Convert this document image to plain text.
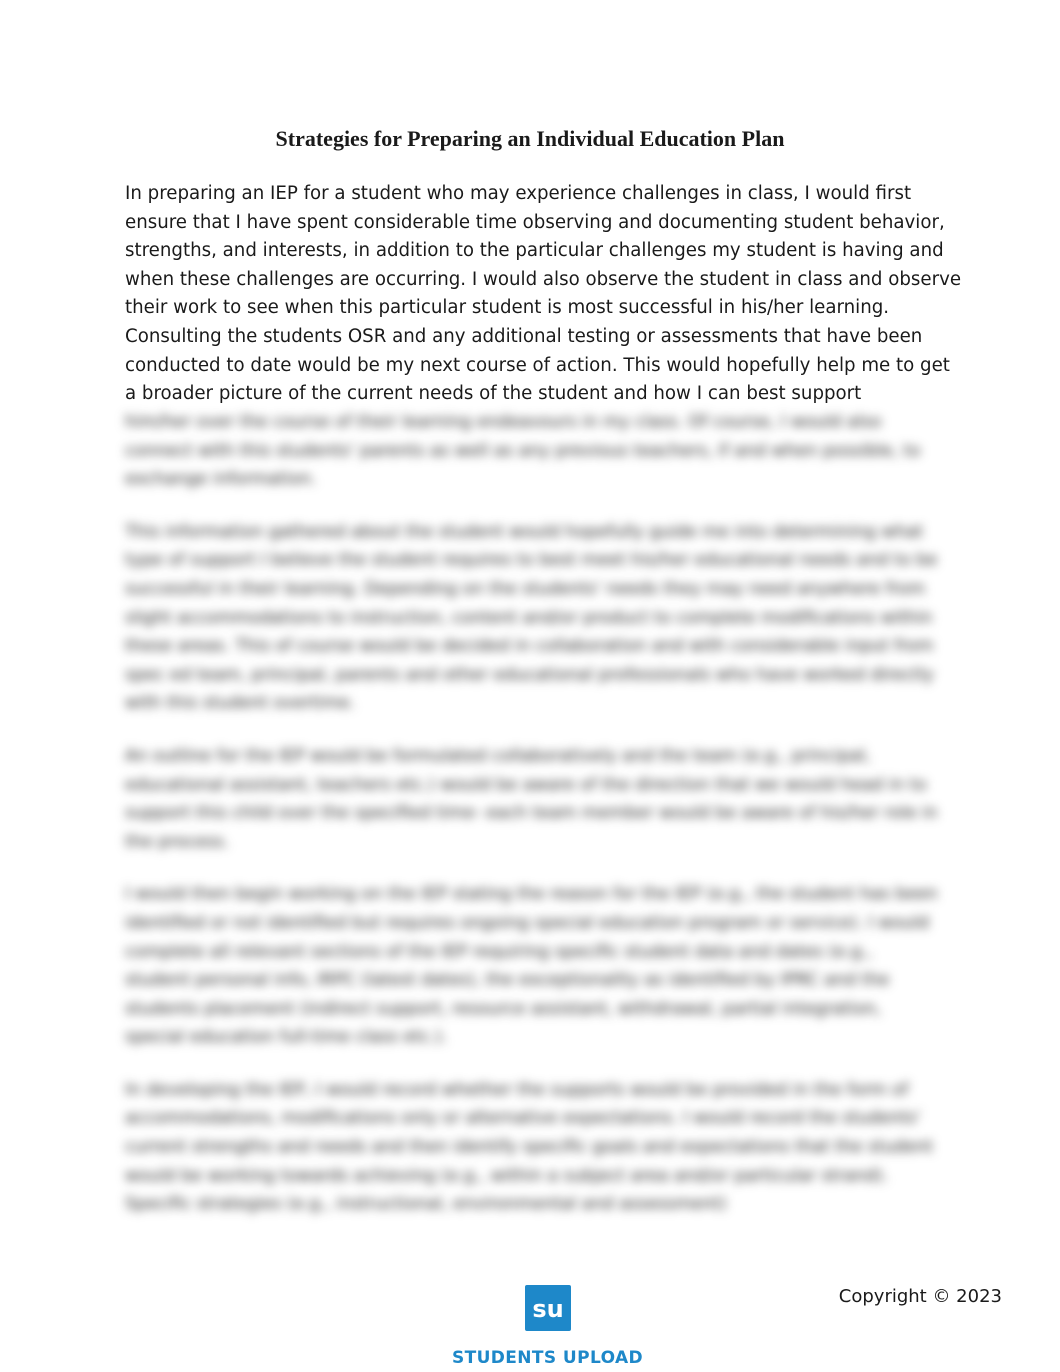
Strategies for Preparing an Individual Education Plan

In preparing an IEP for a student who may experience challenges in class, I would first
ensure that I have spent considerable time observing and documenting student behavior,
strengths, and interests, in addition to the particular challenges my student is having and
when these challenges are occurring. I would also observe the student in class and observe
their work to see when this particular student is most successful in his/her learning.
Consulting the students OSR and any additional testing or assessments that have been
conducted to date would be my next course of action. This would hopefully help me to get
a broader picture of the current needs of the student and how I can best support

him/her over the course of their learning endeavours in my class. Of course, I would also connect with this students' parents as well as any previous teachers, if and when possible, to exchange information.

This information gathered about the student would hopefully guide me into determining what type of support I believe the student requires to best meet his/her educational needs and to be successful in their learning. Depending on the students' needs they may need anywhere from slight accommodations to instruction, content and/or product to complete modifications within these areas. This of course would be decided in collaboration and with considerable input from spec ed team, principal, parents and other educational professionals who have worked directly with this student overtime.

An outline for the IEP would be formulated collaboratively and the team (e.g., principal, educational assistant, teachers etc.) would be aware of the direction that we would head in to support this child over the specified time- each team member would be aware of his/her role in the process.

I would then begin working on the IEP stating the reason for the IEP (e.g., the student has been identified or not identified but requires ongoing special education program or service). I would complete all relevant sections of the IEP requiring specific student data and dates (e.g., student personal info, IRPC (latest dates), the exceptionality as identified by IPRC and the students placement (indirect support, resource assistant, withdrawal, partial integration, special education full-time class etc.).

In developing the IEP, I would record whether the supports would be provided in the form of accommodations, modifications only or alternative expectations. I would record the students' current strengths and needs and then identify specific goals and expectations that the student would be working towards achieving (e.g., within a subject area and/or particular strand). Specific strategies (e.g., instructional, environmental and assessment)

Copyright © 2023
su
STUDENTS UPLOAD
